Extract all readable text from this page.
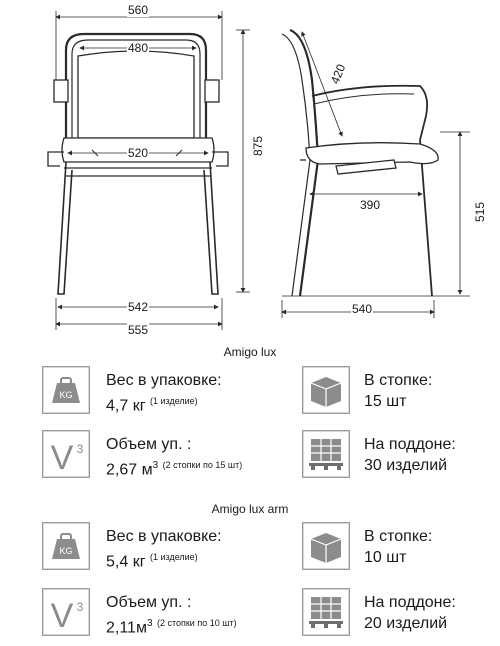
560
480
520
542
555
875
420
390	515
540
Amigo lux
KG
Вес в упаковке:
4,7 кг $^{(1 изделие)}$
В стопке:
15 шт
V 3 Объем уп. :
2,67 $м^3$ $^{(2 стопки по 15 шт)}$
На поддоне:
30 изделий
Amigo lux arm
KG
Вес в упаковке:
5,4 кг $^{(1 изделие)}$
В стопке:
10 шт
V 3 Объем уп. :
$2,11м^3$ $^{(2 стопки по 10 шт)}$
На поддоне:
20 изделий
